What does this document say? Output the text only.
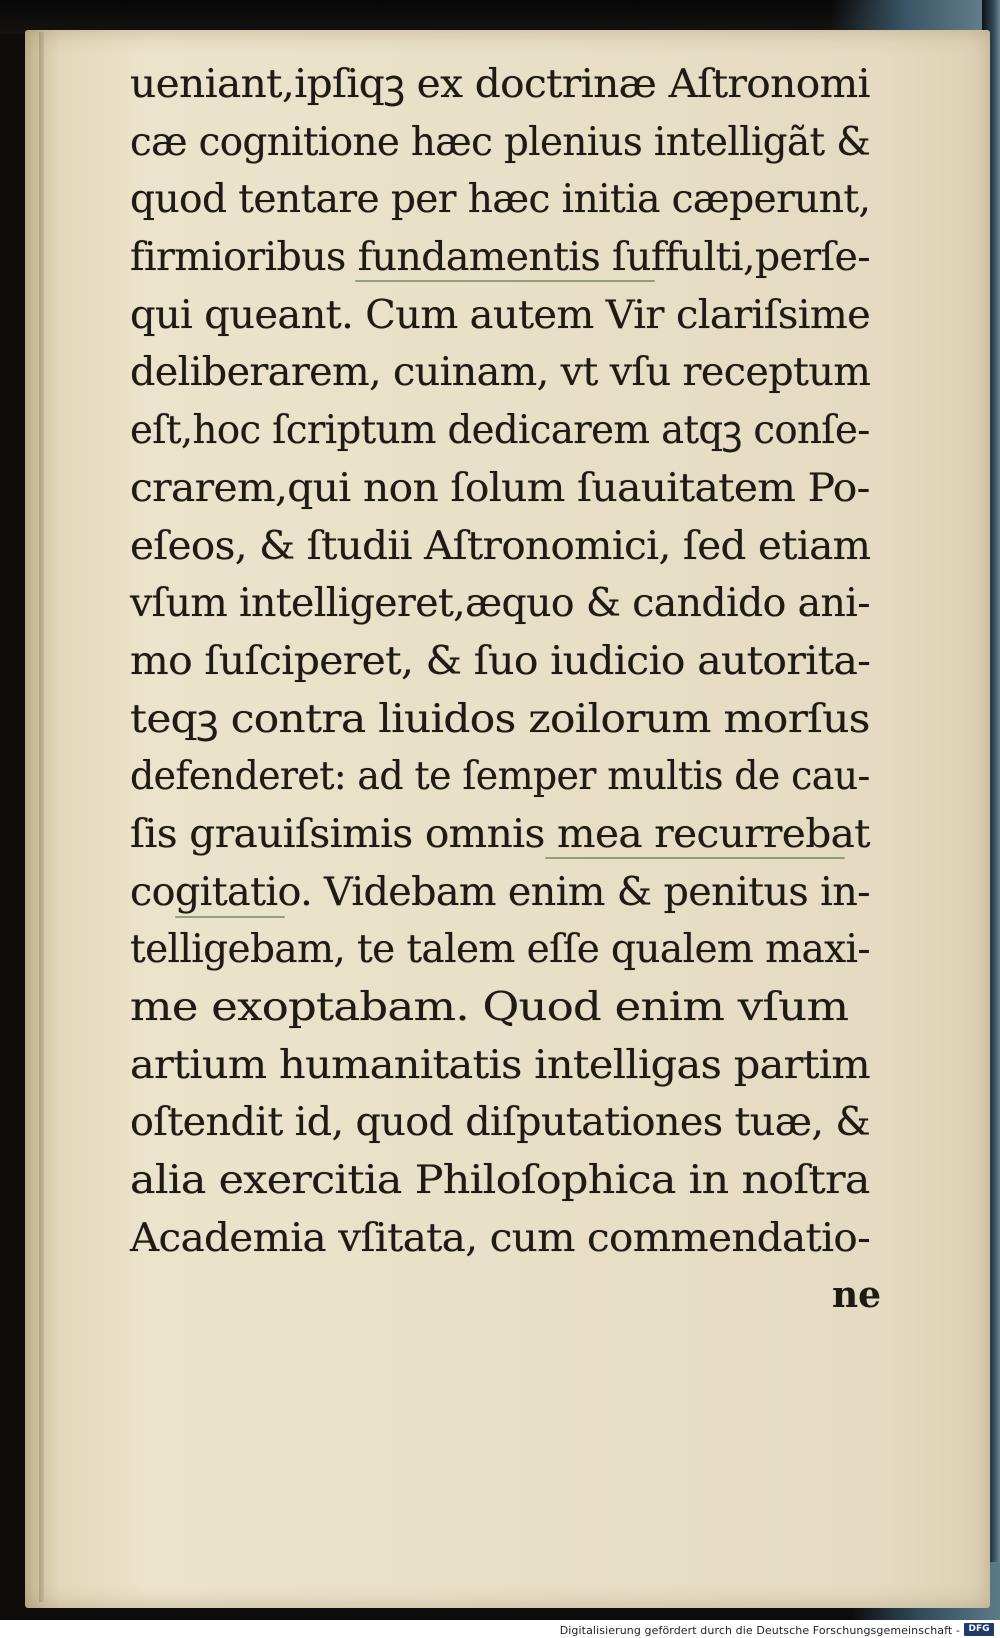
ueniant,ipſiqꝫ ex doctrinæ Aſtronomi
cæ cognitione hæc plenius intelligãt &
quod tentare per hæc initia cæperunt,
firmioribus fundamentis ſuffulti,perſe-
qui queant. Cum autem Vir clariſsime
deliberarem, cuinam, vt vſu receptum
eſt,hoc ſcriptum dedicarem atqꝫ conſe-
crarem,qui non ſolum ſuauitatem Po-
eſeos, & ſtudii Aſtronomici, ſed etiam
vſum intelligeret,æquo & candido ani-
mo ſuſciperet, & ſuo iudicio autorita-
teqꝫ contra liuidos zoilorum morſus
defenderet: ad te ſemper multis de cau-
ſis grauiſsimis omnis mea recurrebat
cogitatio. Videbam enim & penitus in-
telligebam, te talem eſſe qualem maxi-
me exoptabam. Quod enim vſum
artium humanitatis intelligas partim
oſtendit id, quod diſputationes tuæ, &
alia exercitia Philoſophica in noſtra
Academia vſitata, cum commendatio-
ne
Digitalisierung gefördert durch die Deutsche Forschungsgemeinschaft - DFG
